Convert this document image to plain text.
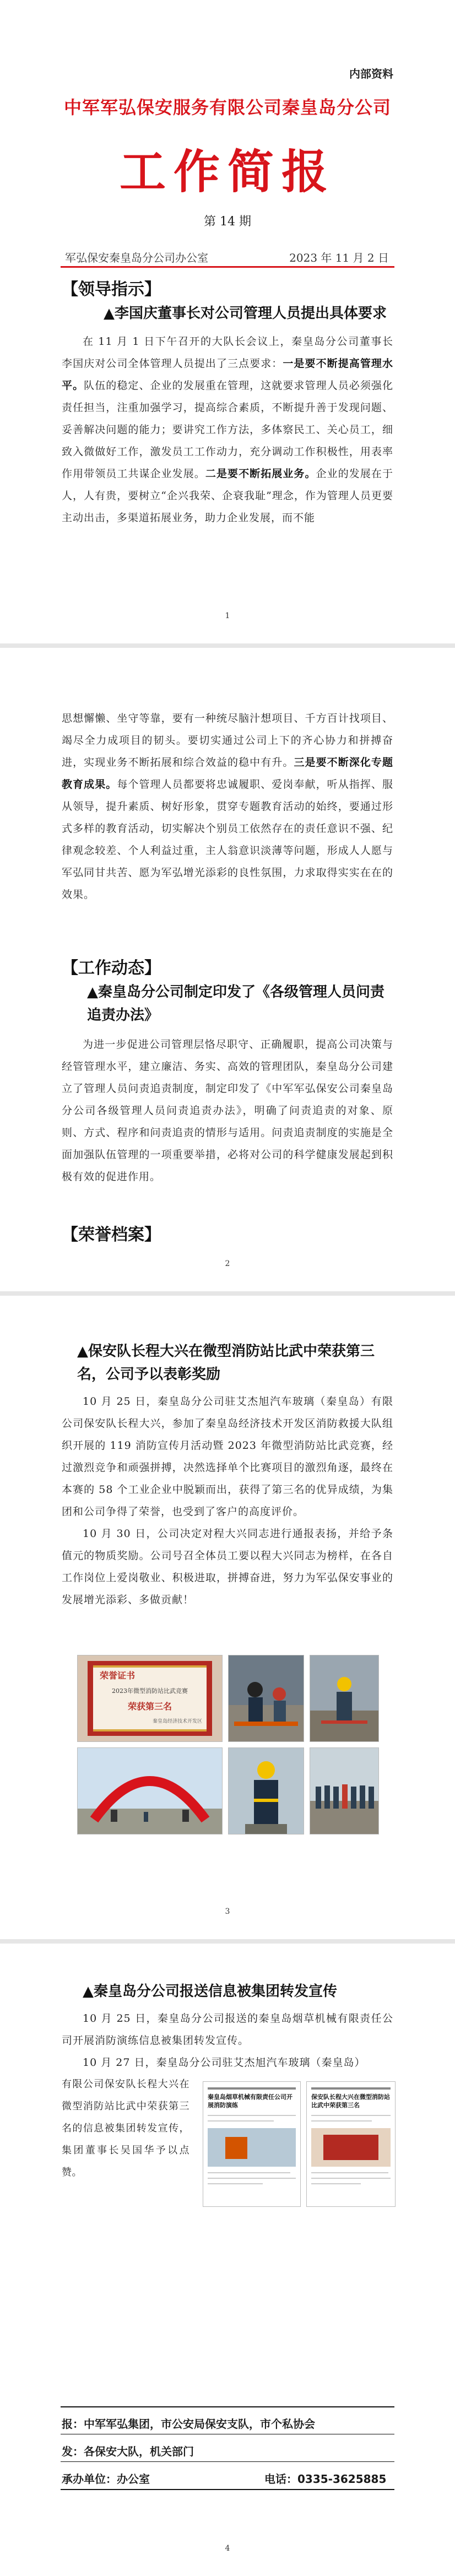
内部资料
中军军弘保安服务有限公司秦皇岛分公司
工作简报
第 14 期
军弘保安秦皇岛分公司办公室	2023 年 11 月 2 日
【领导指示】
▲李国庆董事长对公司管理人员提出具体要求

在 11 月 1 日下午召开的大队长会议上，秦皇岛分公司董事长李国庆对公司全体管理人员提出了三点要求：一是要不断提高管理水平。队伍的稳定、企业的发展重在管理，这就要求管理人员必须强化责任担当，注重加强学习，提高综合素质，不断提升善于发现问题、妥善解决问题的能力；要讲究工作方法，多体察民工、关心员工，细致入微做好工作，激发员工工作动力，充分调动工作积极性，用表率作用带领员工共谋企业发展。二是要不断拓展业务。企业的发展在于人，人有贵，要树立“企兴我荣、企衰我耻”理念，作为管理人员更要主动出击，多渠道拓展业务，助力企业发展，而不能

1

思想懈懒、坐守等靠，要有一种统尽脑汁想项目、千方百计找项目、竭尽全力成项目的韧头。要切实通过公司上下的齐心协力和拼搏奋进，实现业务不断拓展和综合效益的稳中有升。三是要不断深化专题教育成果。每个管理人员都要将忠诚履职、爱岗奉献，听从指挥、服从领导，提升素质、树好形象，贯穿专题教育活动的始终，要通过形式多样的教育活动，切实解决个别员工依然存在的责任意识不强、纪律观念较差、个人利益过重，主人翁意识淡薄等问题，形成人人愿与军弘同甘共苦、愿为军弘增光添彩的良性氛围，力求取得实实在在的效果。

【工作动态】
▲秦皇岛分公司制定印发了《各级管理人员问责追责办法》

为进一步促进公司管理层恪尽职守、正确履职，提高公司决策与经管管理水平，建立廉洁、务实、高效的管理团队，秦皇岛分公司建立了管理人员问责追责制度，制定印发了《中军军弘保安公司秦皇岛分公司各级管理人员问责追责办法》，明确了问责追责的对象、原则、方式、程序和问责追责的情形与适用。问责追责制度的实施是全面加强队伍管理的一项重要举措，必将对公司的科学健康发展起到积极有效的促进作用。

【荣誉档案】
2
▲保安队长程大兴在微型消防站比武中荣获第三名，公司予以表彰奖励

10 月 25 日，秦皇岛分公司驻艾杰旭汽车玻璃（秦皇岛）有限公司保安队长程大兴，参加了秦皇岛经济技术开发区消防救援大队组织开展的 119 消防宣传月活动暨 2023 年微型消防站比武竞赛，经过激烈竞争和顽强拼搏，决然选择单个比赛项目的激烈角逐，最终在本赛的 58 个工业企业中脱颖而出，获得了第三名的优异成绩，为集团和公司争得了荣誉，也受到了客户的高度评价。

10 月 30 日，公司决定对程大兴同志进行通报表扬，并给予条值元的物质奖励。公司号召全体员工要以程大兴同志为榜样，在各自工作岗位上爱岗敬业、积极进取，拼搏奋进，努力为军弘保安事业的发展增光添彩、多做贡献！

荣誉证书
2023年微型消防站比武竞赛
荣获第三名
秦皇岛经济技术开发区
3
▲秦皇岛分公司报送信息被集团转发宣传

10 月 25 日，秦皇岛分公司报送的秦皇岛烟草机械有限责任公司开展消防演练信息被集团转发宣传。

10 月 27 日，秦皇岛分公司驻艾杰旭汽车玻璃（秦皇岛）

有限公司保安队长程大兴在微型消防站比武中荣获第三名的信息被集团转发宣传，集团董事长吴国华予以点赞。

秦皇岛烟草机械有限责任公司开展消防演练
保安队长程大兴在微型消防站比武中荣获第三名
报：中军军弘集团，市公安局保安支队，市个私协会
发：各保安大队，机关部门
承办单位：办公室	电话：0335-3625885
4
